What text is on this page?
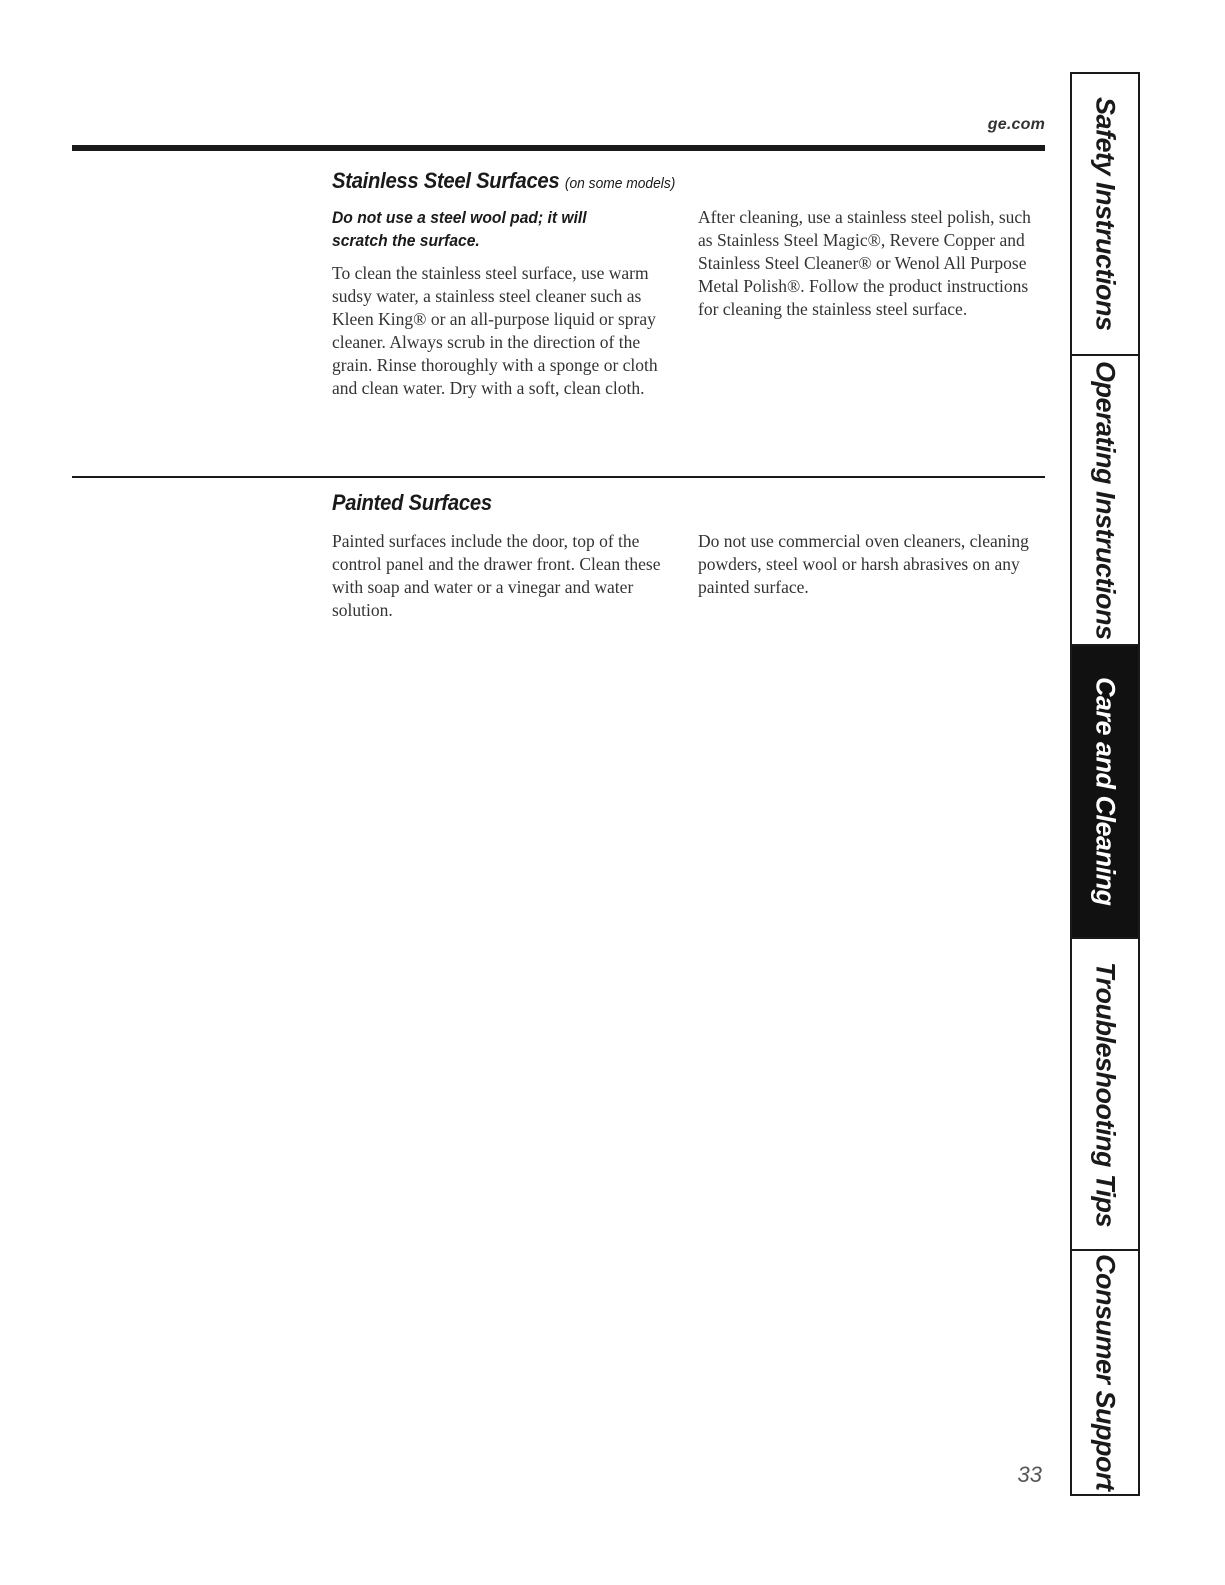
ge.com
Stainless Steel Surfaces (on some models)
Do not use a steel wool pad; it will scratch the surface.
To clean the stainless steel surface, use warm sudsy water, a stainless steel cleaner such as Kleen King® or an all-purpose liquid or spray cleaner. Always scrub in the direction of the grain. Rinse thoroughly with a sponge or cloth and clean water. Dry with a soft, clean cloth.
After cleaning, use a stainless steel polish, such as Stainless Steel Magic®, Revere Copper and Stainless Steel Cleaner® or Wenol All Purpose Metal Polish®. Follow the product instructions for cleaning the stainless steel surface.
Painted Surfaces
Painted surfaces include the door, top of the control panel and the drawer front. Clean these with soap and water or a vinegar and water solution.
Do not use commercial oven cleaners, cleaning powders, steel wool or harsh abrasives on any painted surface.
Safety Instructions
Operating Instructions
Care and Cleaning
Troubleshooting Tips
Consumer Support
33
